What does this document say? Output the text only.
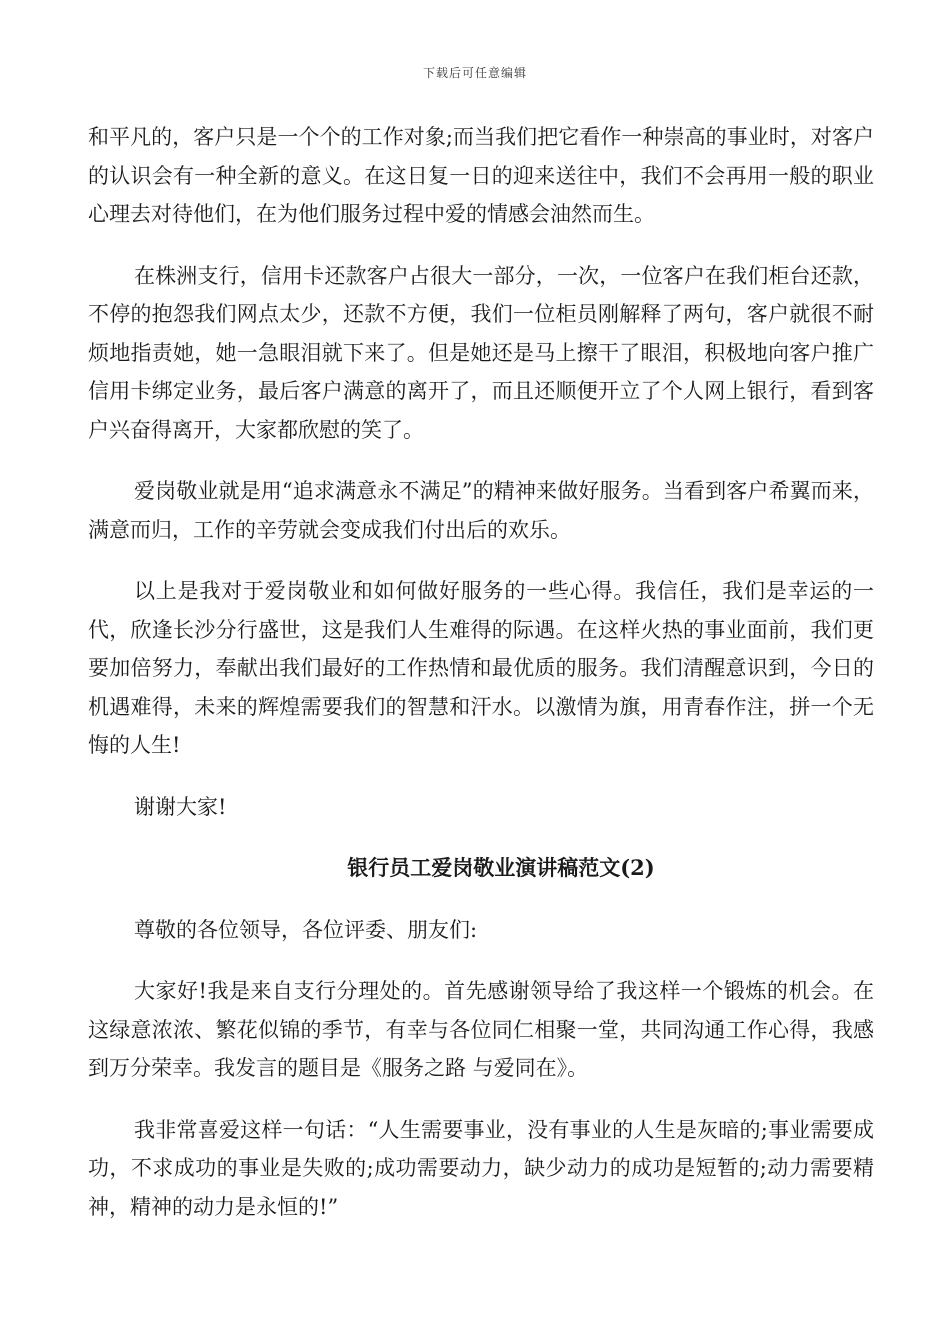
下载后可任意编辑

和平凡的，客户只是一个个的工作对象;而当我们把它看作一种崇高的事业时，对客户的认识会有一种全新的意义。在这日复一日的迎来送往中，我们不会再用一般的职业心理去对待他们，在为他们服务过程中爱的情感会油然而生。

在株洲支行，信用卡还款客户占很大一部分，一次，一位客户在我们柜台还款，不停的抱怨我们网点太少，还款不方便，我们一位柜员刚解释了两句，客户就很不耐烦地指责她，她一急眼泪就下来了。但是她还是马上擦干了眼泪，积极地向客户推广信用卡绑定业务，最后客户满意的离开了，而且还顺便开立了个人网上银行，看到客户兴奋得离开，大家都欣慰的笑了。

爱岗敬业就是用“追求满意永不满足”的精神来做好服务。当看到客户希翼而来，满意而归，工作的辛劳就会变成我们付出后的欢乐。

以上是我对于爱岗敬业和如何做好服务的一些心得。我信任，我们是幸运的一代，欣逢长沙分行盛世，这是我们人生难得的际遇。在这样火热的事业面前，我们更要加倍努力，奉献出我们最好的工作热情和最优质的服务。我们清醒意识到，今日的机遇难得，未来的辉煌需要我们的智慧和汗水。以激情为旗，用青春作注，拼一个无悔的人生!

谢谢大家!

银行员工爱岗敬业演讲稿范文(2)

尊敬的各位领导，各位评委、朋友们:

大家好!我是来自支行分理处的。首先感谢领导给了我这样一个锻炼的机会。在这绿意浓浓、繁花似锦的季节，有幸与各位同仁相聚一堂，共同沟通工作心得，我感到万分荣幸。我发言的题目是《服务之路 与爱同在》。

我非常喜爱这样一句话：“人生需要事业，没有事业的人生是灰暗的;事业需要成功，不求成功的事业是失败的;成功需要动力，缺少动力的成功是短暂的;动力需要精神，精神的动力是永恒的!”
